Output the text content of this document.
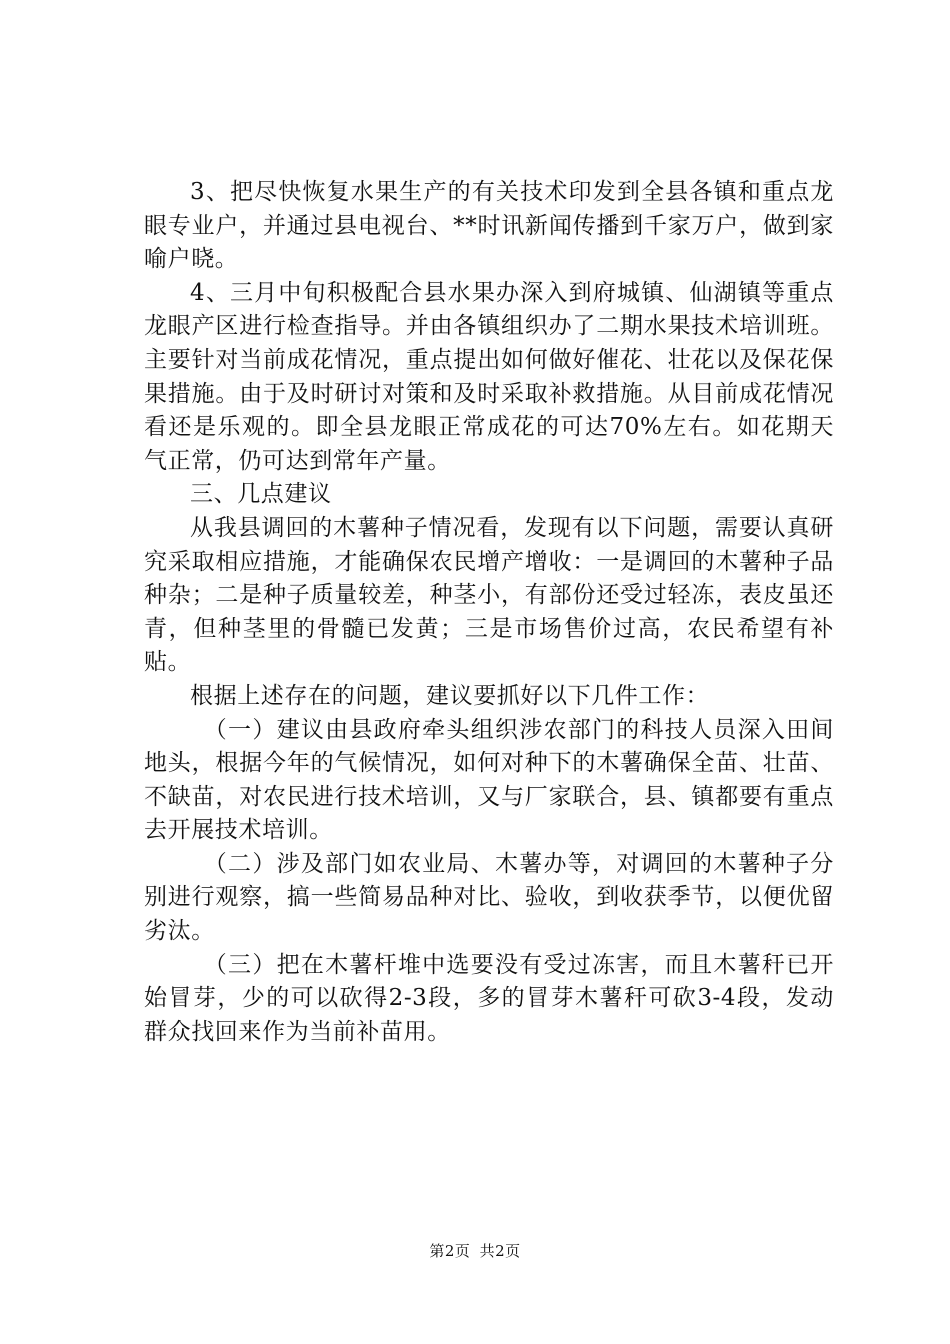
3、把尽快恢复水果生产的有关技术印发到全县各镇和重点龙眼专业户，并通过县电视台、**时讯新闻传播到千家万户，做到家喻户晓。

4、三月中旬积极配合县水果办深入到府城镇、仙湖镇等重点龙眼产区进行检查指导。并由各镇组织办了二期水果技术培训班。主要针对当前成花情况，重点提出如何做好催花、壮花以及保花保果措施。由于及时研讨对策和及时采取补救措施。从目前成花情况看还是乐观的。即全县龙眼正常成花的可达70%左右。如花期天气正常，仍可达到常年产量。

三、几点建议

从我县调回的木薯种子情况看，发现有以下问题，需要认真研究采取相应措施，才能确保农民增产增收：一是调回的木薯种子品种杂；二是种子质量较差，种茎小，有部份还受过轻冻，表皮虽还青，但种茎里的骨髓已发黄；三是市场售价过高，农民希望有补贴。

根据上述存在的问题，建议要抓好以下几件工作：

（一）建议由县政府牵头组织涉农部门的科技人员深入田间地头，根据今年的气候情况，如何对种下的木薯确保全苗、壮苗、不缺苗，对农民进行技术培训，又与厂家联合，县、镇都要有重点去开展技术培训。

（二）涉及部门如农业局、木薯办等，对调回的木薯种子分别进行观察，搞一些简易品种对比、验收，到收获季节，以便优留劣汰。

（三）把在木薯杆堆中选要没有受过冻害，而且木薯秆已开始冒芽，少的可以砍得2-3段，多的冒芽木薯秆可砍3-4段，发动群众找回来作为当前补苗用。

第2页 共2页
